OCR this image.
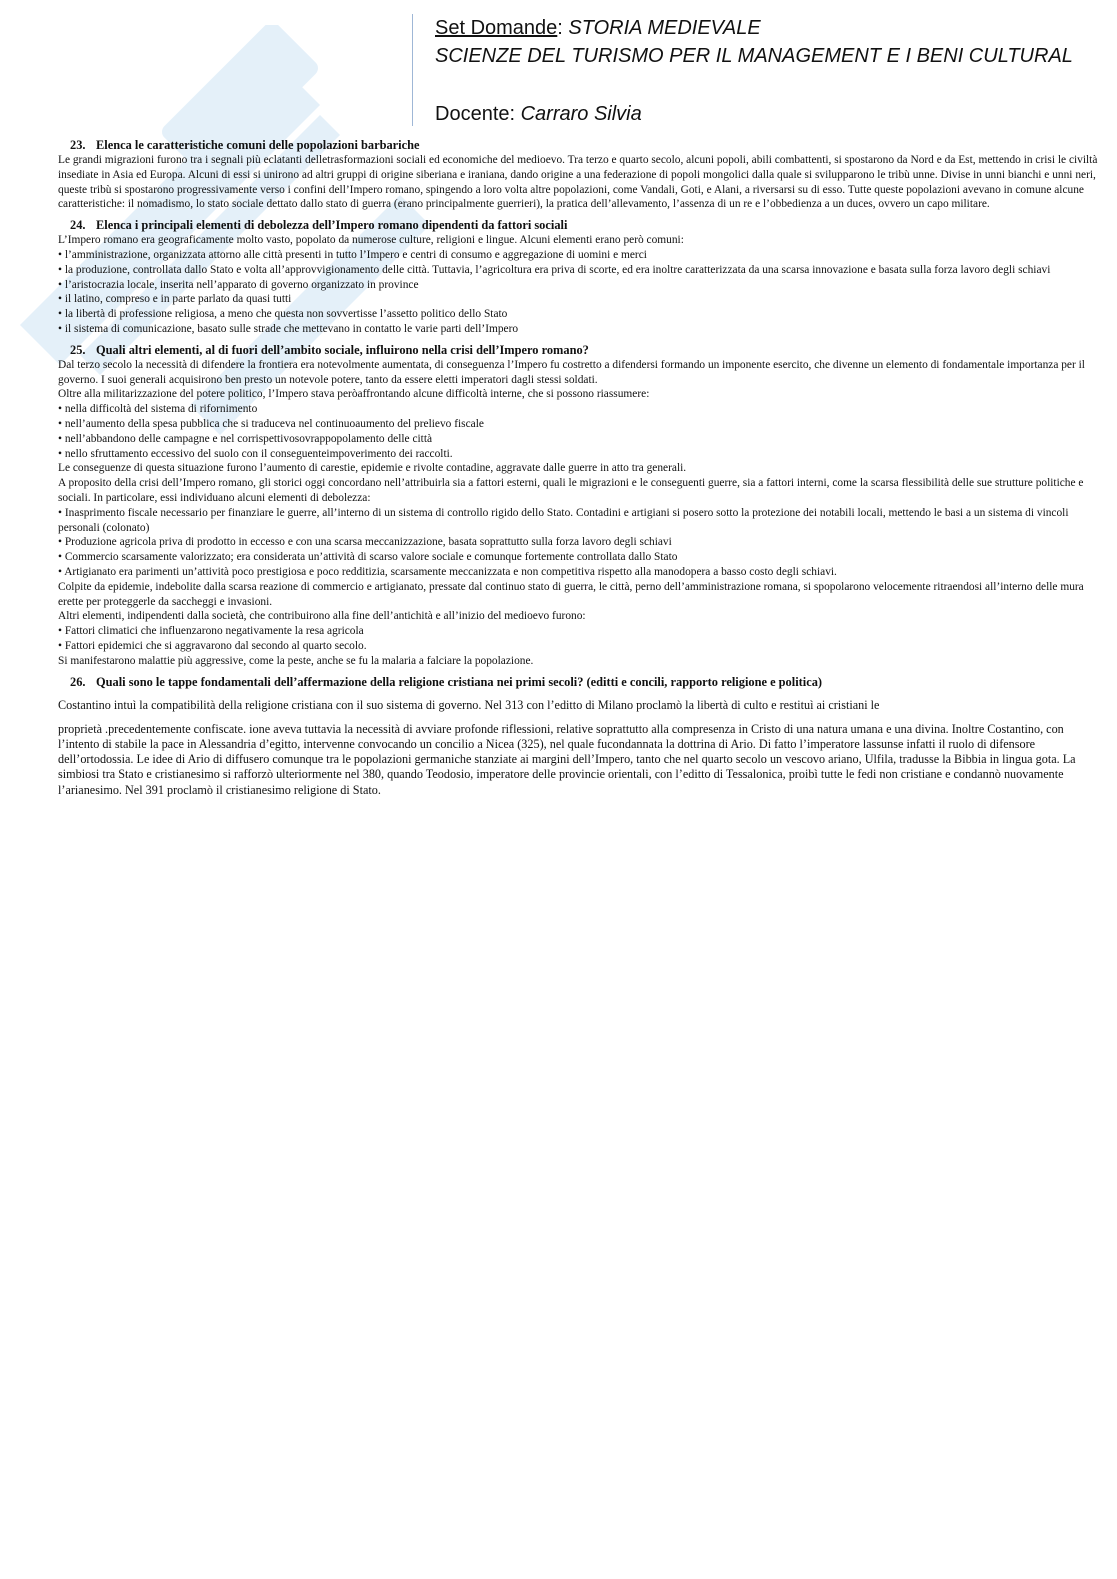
Set Domande: STORIA MEDIEVALE
SCIENZE DEL TURISMO PER IL MANAGEMENT E I BENI CULTURAL
Docente: Carraro Silvia
23. Elenca le caratteristiche comuni delle popolazioni barbariche

Le grandi migrazioni furono tra i segnali più eclatanti delletrasformazioni sociali ed economiche del medioevo. Tra terzo e quarto secolo, alcuni popoli, abili combattenti, si spostarono da Nord e da Est, mettendo in crisi le civiltà insediate in Asia ed Europa. Alcuni di essi si unirono ad altri gruppi di origine siberiana e iraniana, dando origine a una federazione di popoli mongolici dalla quale si svilupparono le tribù unne. Divise in unni bianchi e unni neri, queste tribù si spostarono progressivamente verso i confini dell’Impero romano, spingendo a loro volta altre popolazioni, come Vandali, Goti, e Alani, a riversarsi su di esso. Tutte queste popolazioni avevano in comune alcune caratteristiche: il nomadismo, lo stato sociale dettato dallo stato di guerra (erano principalmente guerrieri), la pratica dell’allevamento, l’assenza di un re e l’obbedienza a un duces, ovvero un capo militare.

24. Elenca i principali elementi di debolezza dell’Impero romano dipendenti da fattori sociali

L’Impero romano era geograficamente molto vasto, popolato da numerose culture, religioni e lingue. Alcuni elementi erano però comuni:

• l’amministrazione, organizzata attorno alle città presenti in tutto l’Impero e centri di consumo e aggregazione di uomini e merci

• la produzione, controllata dallo Stato e volta all’approvvigionamento delle città. Tuttavia, l’agricoltura era priva di scorte, ed era inoltre caratterizzata da una scarsa innovazione e basata sulla forza lavoro degli schiavi

• l’aristocrazia locale, inserita nell’apparato di governo organizzato in province

• il latino, compreso e in parte parlato da quasi tutti

• la libertà di professione religiosa, a meno che questa non sovvertisse l’assetto politico dello Stato

• il sistema di comunicazione, basato sulle strade che mettevano in contatto le varie parti dell’Impero

25. Quali altri elementi, al di fuori dell’ambito sociale, influirono nella crisi dell’Impero romano?

Dal terzo secolo la necessità di difendere la frontiera era notevolmente aumentata, di conseguenza l’Impero fu costretto a difendersi formando un imponente esercito, che divenne un elemento di fondamentale importanza per il governo. I suoi generali acquisirono ben presto un notevole potere, tanto da essere eletti imperatori dagli stessi soldati.

Oltre alla militarizzazione del potere politico, l’Impero stava peròaffrontando alcune difficoltà interne, che si possono riassumere:

• nella difficoltà del sistema di rifornimento

• nell’aumento della spesa pubblica che si traduceva nel continuoaumento del prelievo fiscale

• nell’abbandono delle campagne e nel corrispettivosovrappopolamento delle città

• nello sfruttamento eccessivo del suolo con il conseguenteimpoverimento dei raccolti.

Le conseguenze di questa situazione furono l’aumento di carestie, epidemie e rivolte contadine, aggravate dalle guerre in atto tra generali.

A proposito della crisi dell’Impero romano, gli storici oggi concordano nell’attribuirla sia a fattori esterni, quali le migrazioni e le conseguenti guerre, sia a fattori interni, come la scarsa flessibilità delle sue strutture politiche e sociali. In particolare, essi individuano alcuni elementi di debolezza:

• Inasprimento fiscale necessario per finanziare le guerre, all’interno di un sistema di controllo rigido dello Stato. Contadini e artigiani si posero sotto la protezione dei notabili locali, mettendo le basi a un sistema di vincoli personali (colonato)

• Produzione agricola priva di prodotto in eccesso e con una scarsa meccanizzazione, basata soprattutto sulla forza lavoro degli schiavi

• Commercio scarsamente valorizzato; era considerata un’attività di scarso valore sociale e comunque fortemente controllata dallo Stato

• Artigianato era parimenti un’attività poco prestigiosa e poco redditizia, scarsamente meccanizzata e non competitiva rispetto alla manodopera a basso costo degli schiavi.

Colpite da epidemie, indebolite dalla scarsa reazione di commercio e artigianato, pressate dal continuo stato di guerra, le città, perno dell’amministrazione romana, si spopolarono velocemente ritraendosi all’interno delle mura erette per proteggerle da saccheggi e invasioni.

Altri elementi, indipendenti dalla società, che contribuirono alla fine dell’antichità e all’inizio del medioevo furono:

• Fattori climatici che influenzarono negativamente la resa agricola

• Fattori epidemici che si aggravarono dal secondo al quarto secolo.

Si manifestarono malattie più aggressive, come la peste, anche se fu la malaria a falciare la popolazione.

26. Quali sono le tappe fondamentali dell’affermazione della religione cristiana nei primi secoli? (editti e concili, rapporto religione e politica)

Costantino intuì la compatibilità della religione cristiana con il suo sistema di governo. Nel 313 con l’editto di Milano proclamò la libertà di culto e restituì ai cristiani le

proprietà .precedentemente confiscate. ione aveva tuttavia la necessità di avviare profonde riflessioni, relative soprattutto alla compresenza in Cristo di una natura umana e una divina. Inoltre Costantino, con l’intento di stabile la pace in Alessandria d’egitto, intervenne convocando un concilio a Nicea (325), nel quale fucondannata la dottrina di Ario. Di fatto l’imperatore lassunse infatti il ruolo di difensore dell’ortodossia. Le idee di Ario di diffusero comunque tra le popolazioni germaniche stanziate ai margini dell’Impero, tanto che nel quarto secolo un vescovo ariano, Ulfila, tradusse la Bibbia in lingua gota. La simbiosi tra Stato e cristianesimo si rafforzò ulteriormente nel 380, quando Teodosio, imperatore delle provincie orientali, con l’editto di Tessalonica, proibì tutte le fedi non cristiane e condannò nuovamente l’arianesimo. Nel 391 proclamò il cristianesimo religione di Stato.
